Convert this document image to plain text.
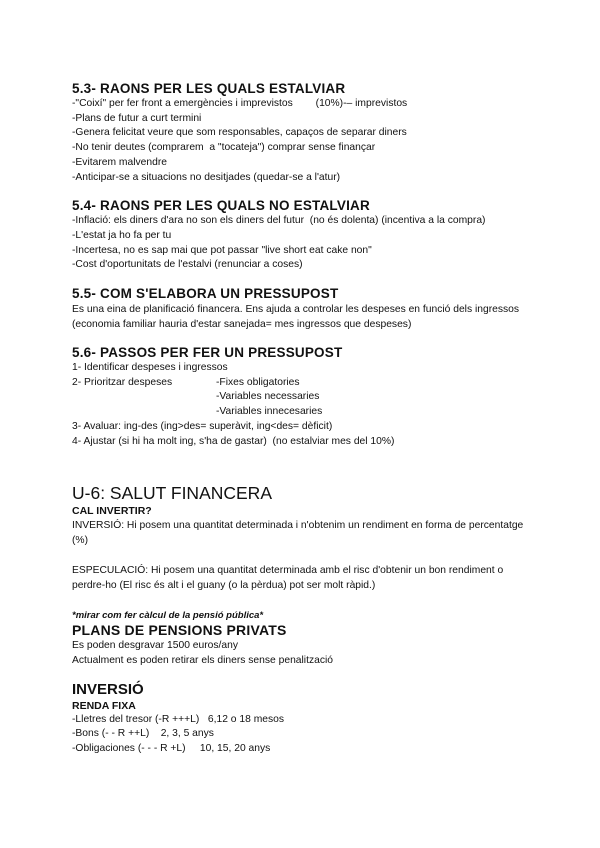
5.3- RAONS PER LES QUALS ESTALVIAR

-"Coixí" per fer front a emergències i imprevistos        (10%)-– imprevistos

-Plans de futur a curt termini

-Genera felicitat veure que som responsables, capaços de separar diners

-No tenir deutes (comprarem  a "tocateja") comprar sense finançar

-Evitarem malvendre

-Anticipar-se a situacions no desitjades (quedar-se a l'atur)

5.4- RAONS PER LES QUALS NO ESTALVIAR

-Inflació: els diners d'ara no son els diners del futur  (no és dolenta) (incentiva a la compra)

-L'estat ja ho fa per tu

-Incertesa, no es sap mai que pot passar "live short eat cake non"

-Cost d'oportunitats de l'estalvi (renunciar a coses)

5.5- COM S'ELABORA UN PRESSUPOST

Es una eina de planificació financera. Ens ajuda a controlar les despeses en funció dels ingressos (economia familiar hauria d'estar sanejada= mes ingressos que despeses)

5.6- PASSOS PER FER UN PRESSUPOST

1- Identificar despeses i ingressos

2- Prioritzar despeses	-Fixes obligatories

-Variables necessaries

-Variables innecesaries

3- Avaluar: ing-des (ing>des= superàvit, ing<des= dèficit)

4- Ajustar (si hi ha molt ing, s'ha de gastar)  (no estalviar mes del 10%)

U-6: SALUT FINANCERA

CAL INVERTIR?

INVERSIÓ: Hi posem una quantitat determinada i n'obtenim un rendiment en forma de percentatge (%)

ESPECULACIÓ: Hi posem una quantitat determinada amb el risc d'obtenir un bon rendiment o perdre-ho (El risc és alt i el guany (o la pèrdua) pot ser molt ràpid.)

*mirar com fer càlcul de la pensió pública*

PLANS DE PENSIONS PRIVATS

Es poden desgravar 1500 euros/any

Actualment es poden retirar els diners sense penalització

INVERSIÓ

RENDA FIXA

-Lletres del tresor (-R +++L)   6,12 o 18 mesos

-Bons (- - R ++L)    2, 3, 5 anys

-Obligaciones (- - - R +L)     10, 15, 20 anys
